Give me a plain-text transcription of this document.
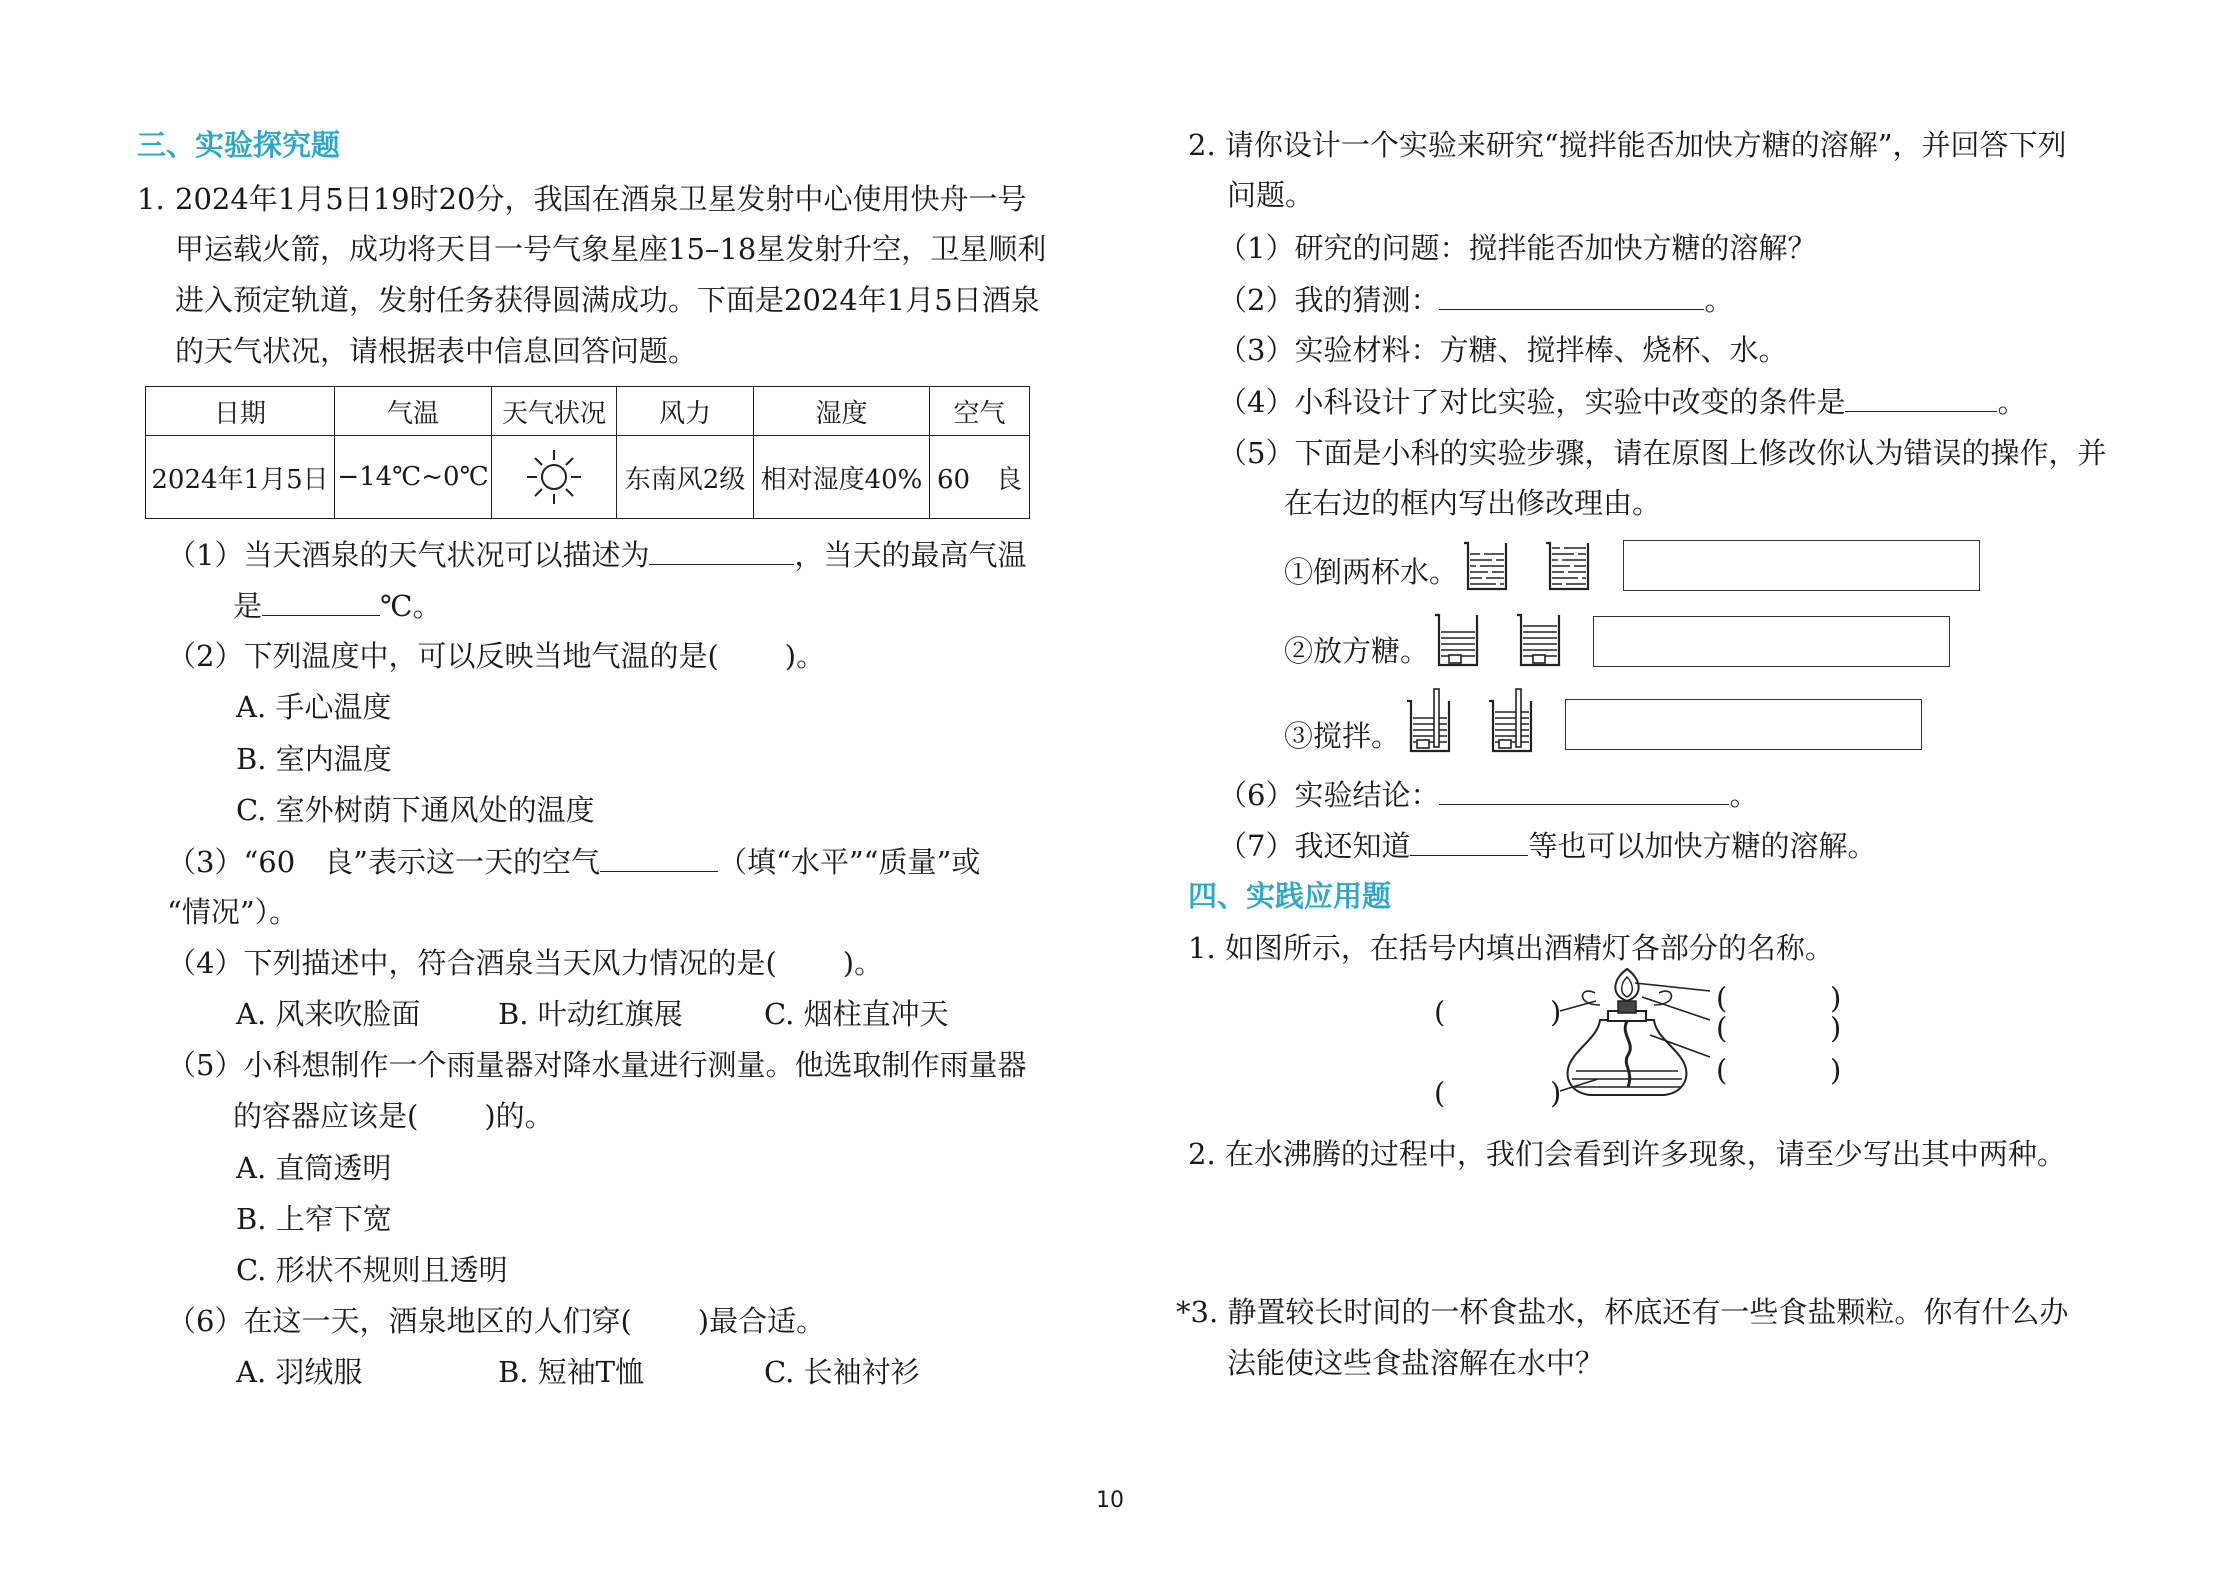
三、实验探究题
1. 2024年1月5日19时20分，我国在酒泉卫星发射中心使用快舟一号
甲运载火箭，成功将天目一号气象星座15–18星发射升空，卫星顺利
进入预定轨道，发射任务获得圆满成功。下面是2024年1月5日酒泉
的天气状况，请根据表中信息回答问题。
日期	气温	天气状况	风力	湿度	空气
2024年1月5日	−14℃~0℃		东南风2级	相对湿度40%	60  良
（1）当天酒泉的天气状况可以描述为	，当天的最高气温
是	℃。
（2）下列温度中，可以反映当地气温的是( )。
A. 手心温度
B. 室内温度
C. 室外树荫下通风处的温度
（3）“60　良”表示这一天的空气	（填“水平”“质量”或
“情况”）。
（4）下列描述中，符合酒泉当天风力情况的是( )。
A. 风来吹脸面	B. 叶动红旗展	C. 烟柱直冲天
（5）小科想制作一个雨量器对降水量进行测量。他选取制作雨量器
的容器应该是( )的。
A. 直筒透明
B. 上窄下宽
C. 形状不规则且透明
（6）在这一天，酒泉地区的人们穿( )最合适。
A. 羽绒服	B. 短袖T恤	C. 长袖衬衫
2. 请你设计一个实验来研究“搅拌能否加快方糖的溶解”，并回答下列
问题。
（1）研究的问题：搅拌能否加快方糖的溶解？
（2）我的猜测：	。
（3）实验材料：方糖、搅拌棒、烧杯、水。
（4）小科设计了对比实验，实验中改变的条件是	。
（5）下面是小科的实验步骤，请在原图上修改你认为错误的操作，并
在右边的框内写出修改理由。
①倒两杯水。
②放方糖。
③搅拌。
（6）实验结论：	。
（7）我还知道	等也可以加快方糖的溶解。
四、实践应用题
1. 如图所示，在括号内填出酒精灯各部分的名称。
(	)
(	)
(	)
(	)
(	)
2. 在水沸腾的过程中，我们会看到许多现象，请至少写出其中两种。
*3. 静置较长时间的一杯食盐水，杯底还有一些食盐颗粒。你有什么办
法能使这些食盐溶解在水中？
10
